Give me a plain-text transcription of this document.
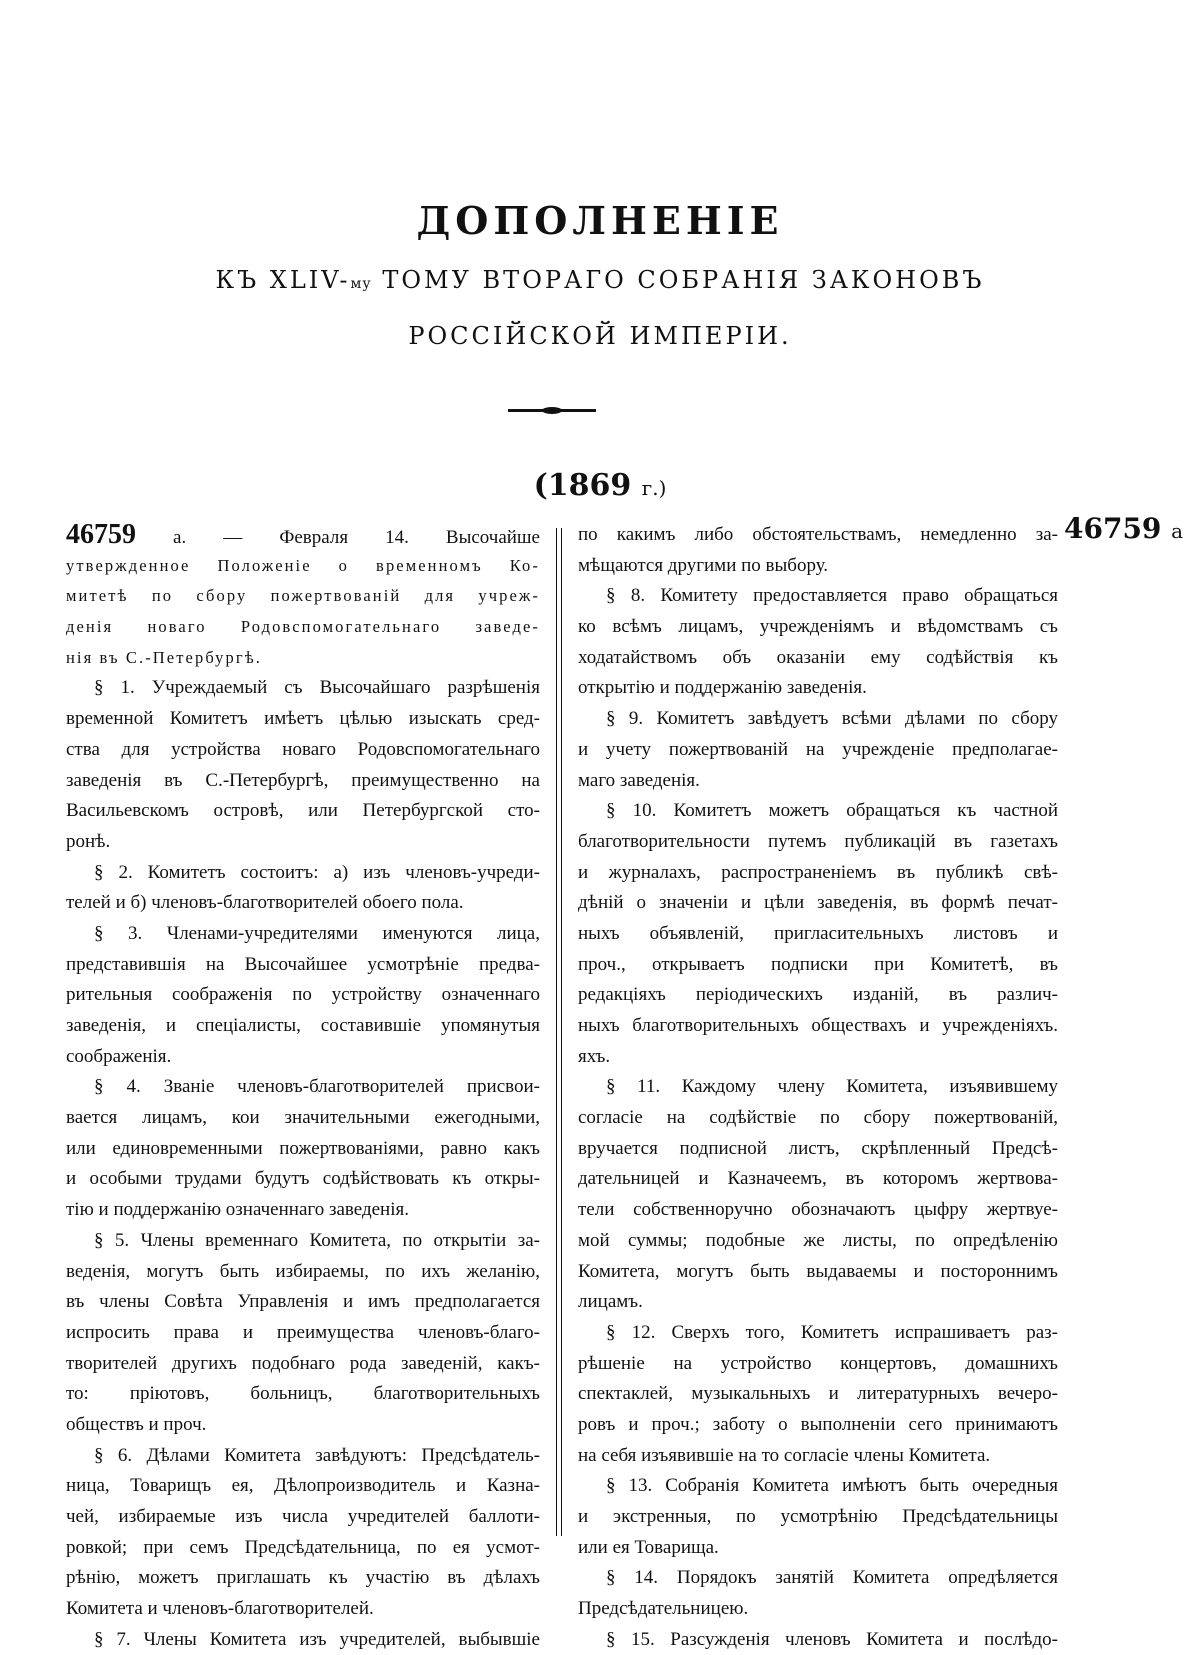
ДОПОЛНЕНІЕ
КЪ XLIV-му ТОМУ ВТОРАГО СОБРАНІЯ ЗАКОНОВЪ
РОССІЙСКОЙ ИМПЕРІИ.
(1869 г.)
46759 а
46759 а. — Февраля 14. Высочайше
утвержденное Положеніе о временномъ Ко-
митетѣ по сбору пожертвованій для учреж-
денія новаго Родовспомогательнаго заведе-
нія въ С.-Петербургѣ.
§ 1. Учреждаемый съ Высочайшаго разрѣшенія
временной Комитетъ имѣетъ цѣлью изыскать сред-
ства для устройства новаго Родовспомогательнаго
заведенія въ С.-Петербургѣ, преимущественно на
Васильевскомъ островѣ, или Петербургской сто-
ронѣ.
§ 2. Комитетъ состоитъ: а) изъ членовъ-учреди-
телей и б) членовъ-благотворителей обоего пола.
§ 3. Членами-учредителями именуются лица,
представившія на Высочайшее усмотрѣніе предва-
рительныя соображенія по устройству означеннаго
заведенія, и спеціалисты, составившіе упомянутыя
соображенія.
§ 4. Званіе членовъ-благотворителей присвои-
вается лицамъ, кои значительными ежегодными,
или единовременными пожертвованіями, равно какъ
и особыми трудами будутъ содѣйствовать къ откры-
тію и поддержанію означеннаго заведенія.
§ 5. Члены временнаго Комитета, по открытіи за-
веденія, могутъ быть избираемы, по ихъ желанію,
въ члены Совѣта Управленія и имъ предполагается
испросить права и преимущества членовъ-благо-
творителей другихъ подобнаго рода заведеній, какъ-
то: пріютовъ, больницъ, благотворительныхъ
обществъ и проч.
§ 6. Дѣлами Комитета завѣдуютъ: Предсѣдатель-
ница, Товарищъ ея, Дѣлопроизводитель и Казна-
чей, избираемые изъ числа учредителей баллоти-
ровкой; при семъ Предсѣдательница, по ея усмот-
рѣнію, можетъ приглашать къ участію въ дѣлахъ
Комитета и членовъ-благотворителей.
§ 7. Члены Комитета изъ учредителей, выбывшіе
по какимъ либо обстоятельствамъ, немедленно за-
мѣщаются другими по выбору.
§ 8. Комитету предоставляется право обращаться
ко всѣмъ лицамъ, учрежденіямъ и вѣдомствамъ съ
ходатайствомъ объ оказаніи ему содѣйствія къ
открытію и поддержанію заведенія.
§ 9. Комитетъ завѣдуетъ всѣми дѣлами по сбору
и учету пожертвованій на учрежденіе предполагае-
маго заведенія.
§ 10. Комитетъ можетъ обращаться къ частной
благотворительности путемъ публикацій въ газетахъ
и журналахъ, распространеніемъ въ публикѣ свѣ-
дѣній о значеніи и цѣли заведенія, въ формѣ печат-
ныхъ объявленій, пригласительныхъ листовъ и
проч., открываетъ подписки при Комитетѣ, въ
редакціяхъ періодическихъ изданій, въ различ-
ныхъ благотворительныхъ обществахъ и учрежденіяхъ.
яхъ.
§ 11. Каждому члену Комитета, изъявившему
согласіе на содѣйствіе по сбору пожертвованій,
вручается подписной листъ, скрѣпленный Предсѣ-
дательницей и Казначеемъ, въ которомъ жертвова-
тели собственноручно обозначаютъ цыфру жертвуе-
мой суммы; подобные же листы, по опредѣленію
Комитета, могутъ быть выдаваемы и постороннимъ
лицамъ.
§ 12. Сверхъ того, Комитетъ испрашиваетъ раз-
рѣшеніе на устройство концертовъ, домашнихъ
спектаклей, музыкальныхъ и литературныхъ вечеро-
ровъ и проч.; заботу о выполненіи сего принимаютъ
на себя изъявившіе на то согласіе члены Комитета.
§ 13. Собранія Комитета имѣютъ быть очередныя
и экстренныя, по усмотрѣнію Предсѣдательницы
или ея Товарища.
§ 14. Порядокъ занятій Комитета опредѣляется
Предсѣдательницею.
§ 15. Разсужденія членовъ Комитета и послѣдо-
